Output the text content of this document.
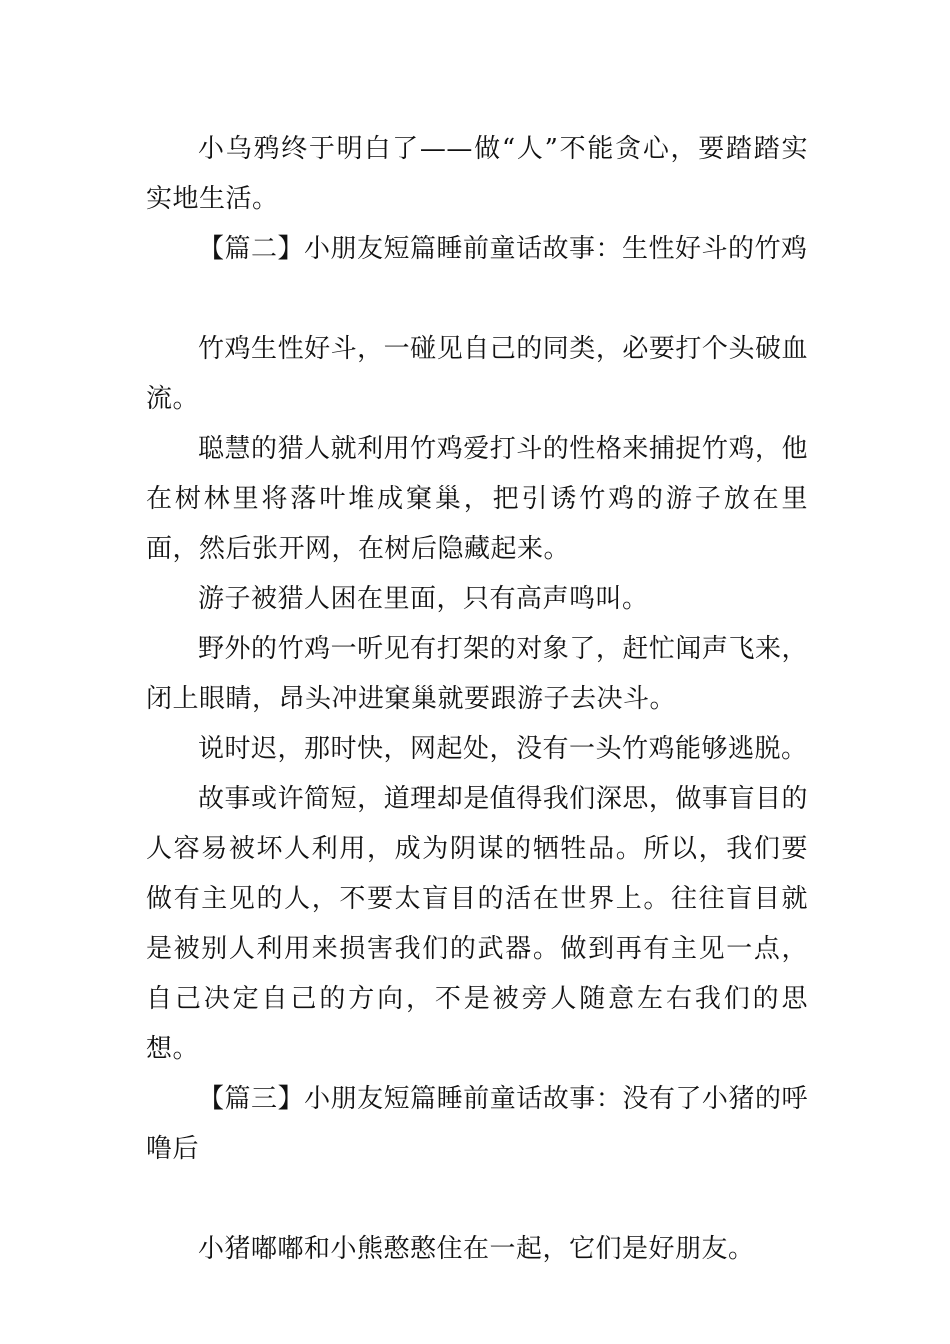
小乌鸦终于明白了——做“人”不能贪心，要踏踏实实地生活。

【篇二】小朋友短篇睡前童话故事：生性好斗的竹鸡

竹鸡生性好斗，一碰见自己的同类，必要打个头破血流。

聪慧的猎人就利用竹鸡爱打斗的性格来捕捉竹鸡，他在树林里将落叶堆成窠巢，把引诱竹鸡的游子放在里面，然后张开网，在树后隐藏起来。

游子被猎人困在里面，只有高声鸣叫。

野外的竹鸡一听见有打架的对象了，赶忙闻声飞来，闭上眼睛，昂头冲进窠巢就要跟游子去决斗。

说时迟，那时快，网起处，没有一头竹鸡能够逃脱。

故事或许简短，道理却是值得我们深思，做事盲目的人容易被坏人利用，成为阴谋的牺牲品。所以，我们要做有主见的人，不要太盲目的活在世界上。往往盲目就是被别人利用来损害我们的武器。做到再有主见一点，自己决定自己的方向，不是被旁人随意左右我们的思想。

【篇三】小朋友短篇睡前童话故事：没有了小猪的呼噜后

小猪嘟嘟和小熊憨憨住在一起，它们是好朋友。
